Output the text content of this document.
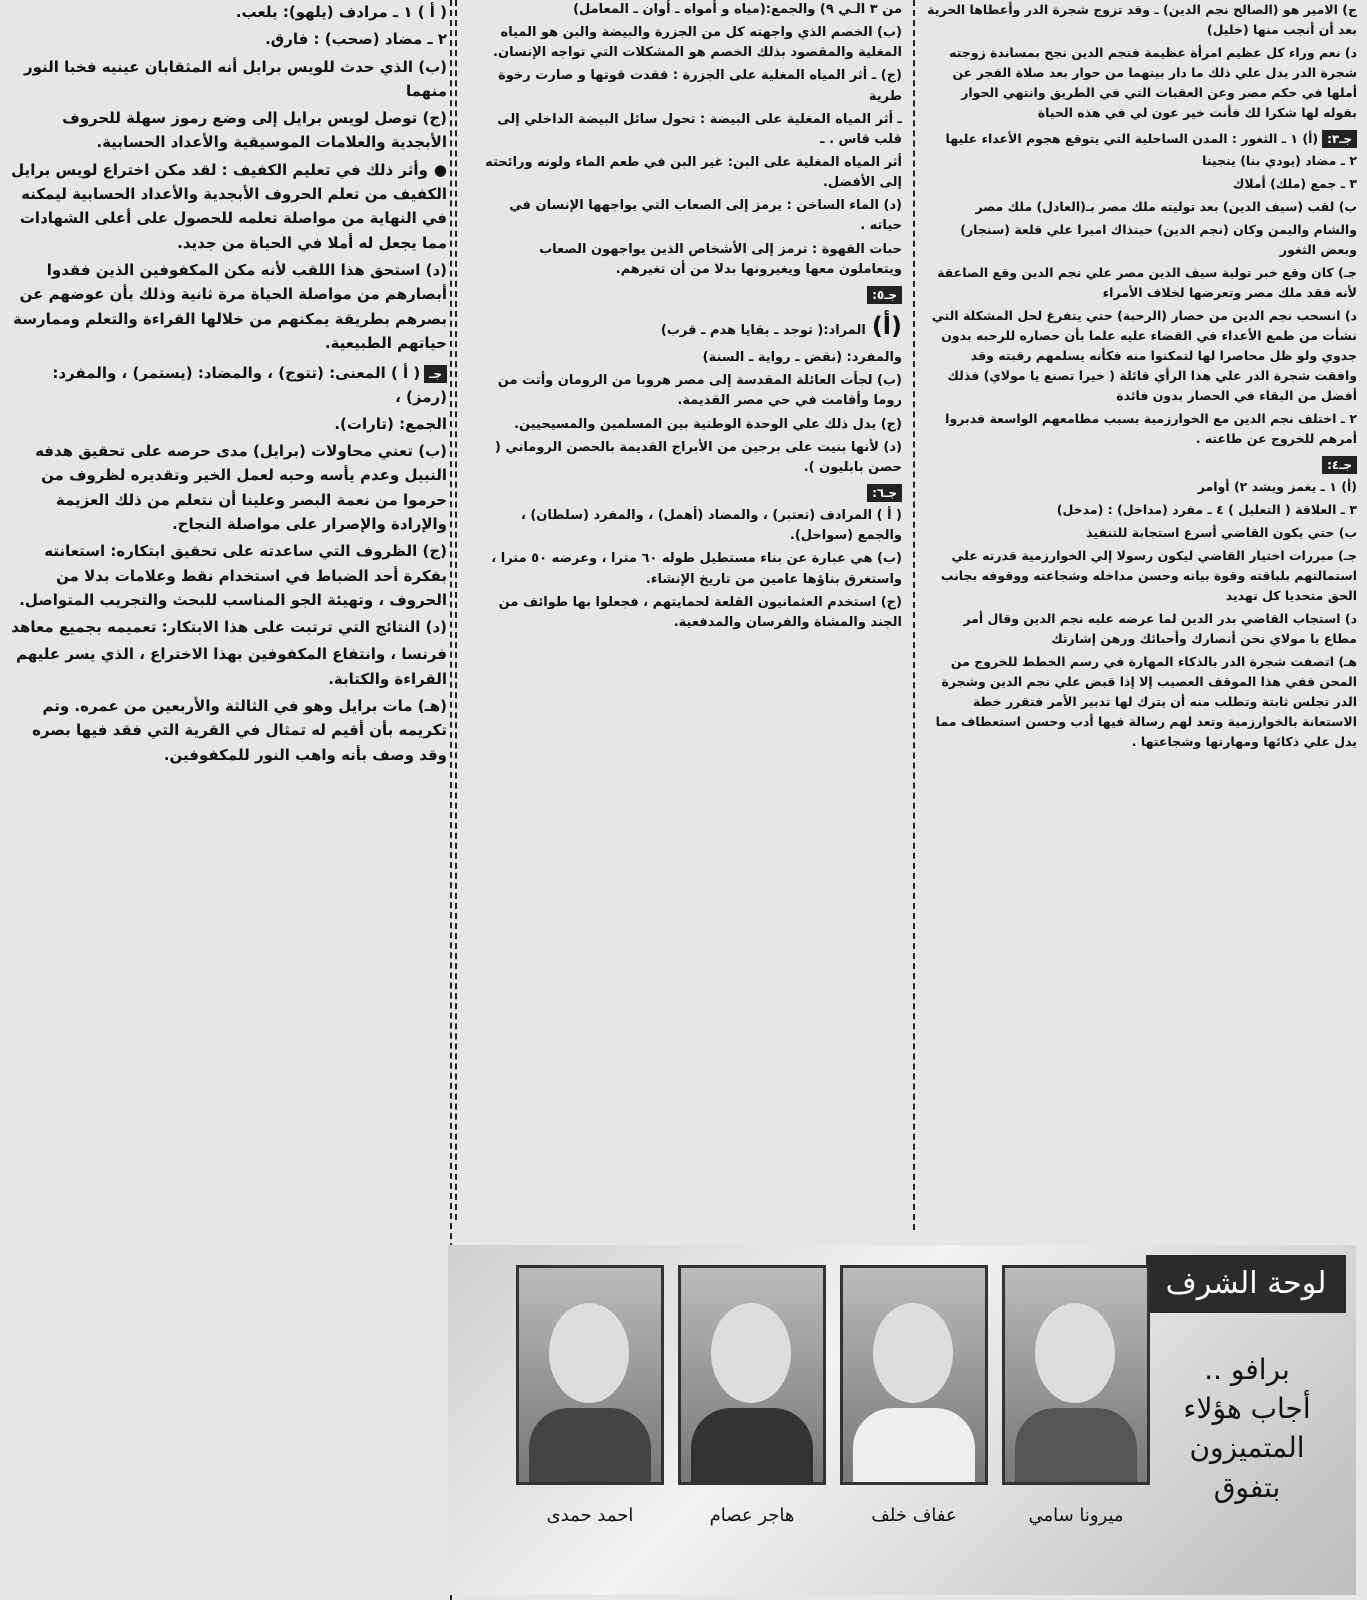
ج) الامير هو (الصالح نجم الدين) ـ وقد تزوج شجرة الدر وأعطاها الحرية بعد أن أنجب منها (خليل)

د) نعم وراء كل عظيم امرأة عظيمة فنجم الدين نجح بمساندة زوجته شجرة الدر يدل علي ذلك ما دار بينهما من حوار بعد صلاة الفجر عن أملها في حكم مصر وعن العقبات التي في الطريق وانتهي الحوار بقوله لها شكرا لك فأنت خير عون لي في هذه الحياة

جـ٣:(أ) ١ ـ الثغور : المدن الساحلية التي يتوقع هجوم الأعداء عليها

٢ ـ مضاد (يودي بنا) ينجينا

٣ ـ جمع (ملك) أملاك

ب) لقب (سيف الدين) بعد توليته ملك مصر بـ(العادل) ملك مصر

والشام واليمن وكان (نجم الدين) حينذاك اميرا علي قلعة (سنجار) وبعض الثغور

جـ) كان وقع خبر تولية سيف الدين مصر علي نجم الدين وقع الصاعقة لأنه فقد ملك مصر وتعرضها لخلاف الأمراء

د) انسحب نجم الدين من حصار (الرحبة) حتي يتفرغ لحل المشكلة التي نشأت من طمع الأعداء في القضاء عليه علما بأن حصاره للرحبه بدون جدوي ولو ظل محاصرا لها لتمكنوا منه فكأنه يسلمهم رقبته وقد وافقت شجرة الدر علي هذا الرأي قائلة ( خيرا تصنع يا مولاي) فذلك أفضل من البقاء في الحصار بدون فائدة

٢ ـ اختلف نجم الدين مع الخوارزمية بسبب مطامعهم الواسعة فدبروا أمرهم للخروج عن طاعته .

جـ٤:

(أ) ١ ـ يغمز ويشد ٢) أوامر

٣ ـ العلاقة ( التعليل ) ٤ ـ مفرد (مداخل) : (مدخل)

ب) حتي يكون القاضي أسرع استجابة للتنفيذ

جـ) مبررات اختيار القاضي ليكون رسولا إلي الخوارزمية قدرته علي استمالتهم بلباقته وقوة بيانه وحسن مداخله وشجاعته ووقوفه بجانب الحق متحديا كل تهديد

د) استجاب القاضي بدر الدين لما عرضه عليه نجم الدين وقال أمر مطاع يا مولاي نحن أنصارك وأحبائك ورهن إشارتك

هـ) اتصفت شجرة الدر بالذكاء المهارة في رسم الخطط للخروج من المحن ففي هذا الموقف العصيب إلا إذا قبض علي نجم الدين وشجرة الدر تجلس ثابتة وتطلب منه أن يترك لها تدبير الأمر فتقرر خطة الاستعانة بالخوارزمية وتعد لهم رسالة فيها أدب وحسن استعطاف مما يدل علي ذكائها ومهارتها وشجاعتها .

من ٣ الـي ٩) والجمع:(مياه و أمواه ـ أوان ـ المعامل)

(ب) الخصم الذي واجهته كل من الجزرة والبيضة والبن هو المياه المغلية والمقصود بذلك الخصم هو المشكلات التي تواجه الإنسان.

(ج) ـ أثر المياه المغلية على الجزرة : فقدت قوتها و صارت رخوة طرية

ـ أثر المياه المغلية على البيضة : تحول سائل البيضة الداخلي إلى قلب قاس . ـ

أثر المياه المغلية على البن: غير البن في طعم الماء ولونه ورائحته إلى الأفضل.

(د) الماء الساخن : يرمز إلى الصعاب التي يواجهها الإنسان في حياته .

حبات القهوة : ترمز إلى الأشخاص الذين يواجهون الصعاب ويتعاملون معها ويغيرونها بدلا من أن تغيرهم.

جـ٥:

(أ)المراد:( توجد ـ بقايا هدم ـ قرب)

والمفرد: (نقض ـ رواية ـ السنة)

(ب) لجأت العائلة المقدسة إلى مصر هروبا من الرومان وأتت من روما وأقامت في حي مصر القديمة.

(ج) يدل ذلك علي الوحدة الوطنية بين المسلمين والمسيحيين.

(د) لأنها بنيت على برجين من الأبراج القديمة بالحصن الروماني ( حصن بابليون ).

جـ٦:

( أ ) المرادف (تعتبر) ، والمضاد (أهمل) ، والمفرد (سلطان) ، والجمع (سواحل).

(ب) هي عبارة عن بناء مستطيل طوله ٦٠ مترا ، وعرضه ٥٠ مترا ، واستغرق بناؤها عامين من تاريخ الإنشاء.

(ج) استخدم العثمانيون القلعة لحمايتهم ، فجعلوا بها طوائف من الجند والمشاة والفرسان والمدفعية.

( أ ) ١ ـ مرادف (يلهو): يلعب.

٢ ـ مضاد (صحب) : فارق.

(ب) الذي حدث للويس برايل أنه المثقابان عينيه فخبا النور منهما

(ج) توصل لويس برايل إلى وضع رموز سهلة للحروف الأبجدية والعلامات الموسيقية والأعداد الحسابية.

●وأثر ذلك في تعليم الكفيف : لقد مكن اختراع لويس برايل الكفيف من تعلم الحروف الأبجدية والأعداد الحسابية ليمكنه في النهاية من مواصلة تعلمه للحصول على أعلى الشهادات مما يجعل له أملا في الحياة من جديد.

(د) استحق هذا اللقب لأنه مكن المكفوفين الذين فقدوا أبصارهم من مواصلة الحياة مرة ثانية وذلك بأن عوضهم عن بصرهم بطريقة يمكنهم من خلالها القراءة والتعلم وممارسة حياتهم الطبيعية.

جـ( أ ) المعنى: (تتوج) ، والمضاد: (يستمر) ، والمفرد: (رمز) ،

الجمع: (تارات).

(ب) تعني محاولات (برايل) مدى حرصه على تحقيق هدفه النبيل وعدم يأسه وحبه لعمل الخير وتقديره لظروف من حرموا من نعمة البصر وعلينا أن نتعلم من ذلك العزيمة والإرادة والإصرار على مواصلة النجاح.

(ج) الظروف التي ساعدته على تحقيق ابتكاره: استعانته بفكرة أحد الضباط في استخدام نقط وعلامات بدلا من الحروف ، وتهيئة الجو المناسب للبحث والتجريب المتواصل.

(د) النتائج التي ترتبت على هذا الابتكار: تعميمه بجميع معاهد

فرنسا ، وانتفاع المكفوفين بهذا الاختراع ، الذي يسر عليهم القراءة والكتابة.

(هـ) مات برايل وهو في الثالثة والأربعين من عمره. وتم تكريمه بأن أقيم له تمثال في القرية التي فقد فيها بصره وقد وصف بأنه واهب النور للمكفوفين.

لوحة الشرف
برافو ..
أجاب هؤلاء
المتميزون
بتفوق
ميرونا سامي
عفاف خلف
هاجر عصام
احمد حمدى
